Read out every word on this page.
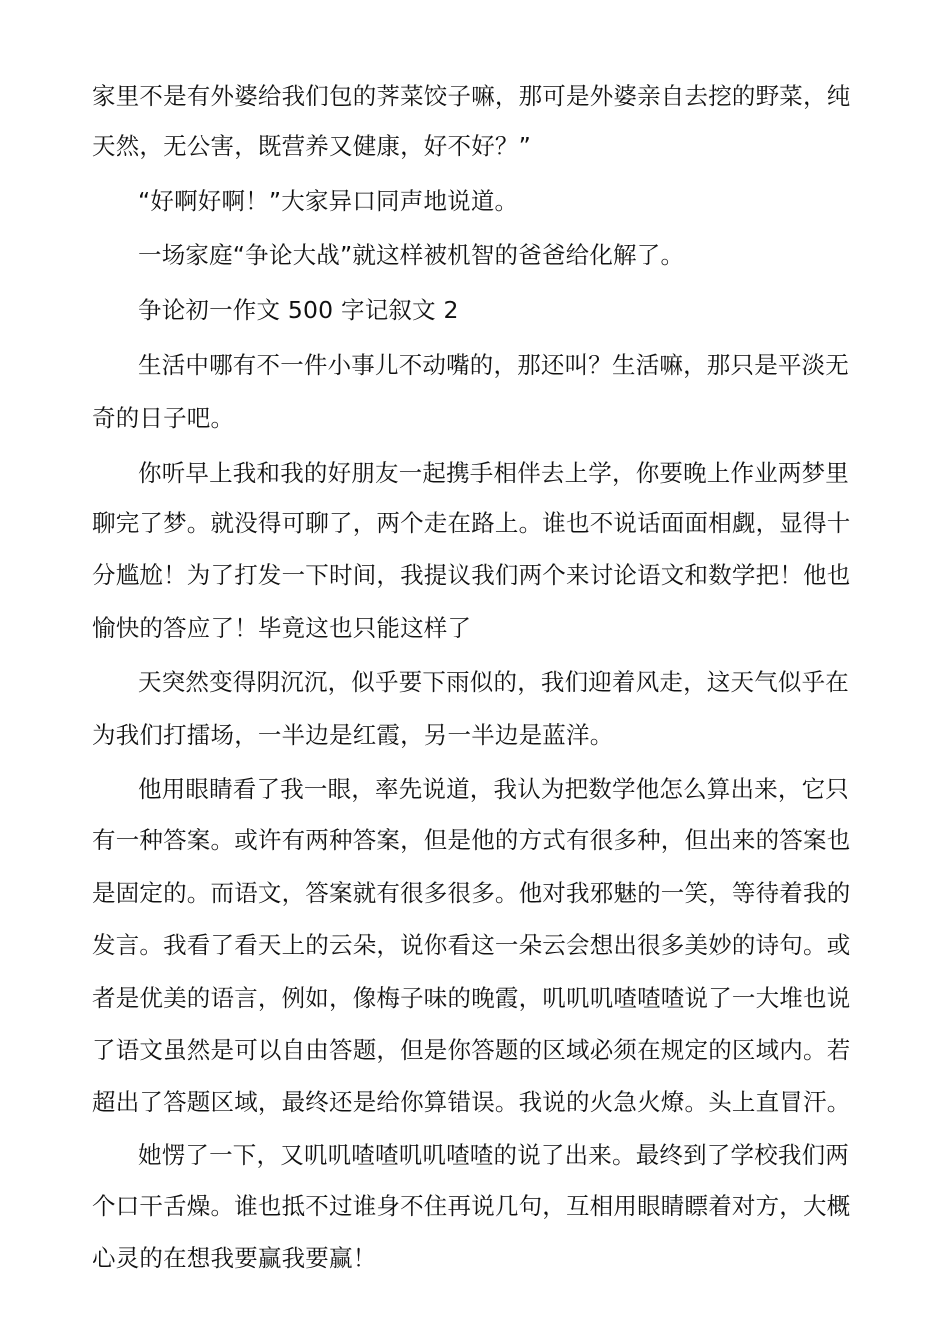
家里不是有外婆给我们包的荠菜饺子嘛，那可是外婆亲自去挖的野菜，纯

天然，无公害，既营养又健康，好不好？”

“好啊好啊！”大家异口同声地说道。

一场家庭“争论大战”就这样被机智的爸爸给化解了。

争论初一作文 500 字记叙文 2

生活中哪有不一件小事儿不动嘴的，那还叫？生活嘛，那只是平淡无

奇的日子吧。

你听早上我和我的好朋友一起携手相伴去上学，你要晚上作业两梦里

聊完了梦。就没得可聊了，两个走在路上。谁也不说话面面相觑，显得十

分尴尬！为了打发一下时间，我提议我们两个来讨论语文和数学把！他也

愉快的答应了！毕竟这也只能这样了

天突然变得阴沉沉，似乎要下雨似的，我们迎着风走，这天气似乎在

为我们打擂场，一半边是红霞，另一半边是蓝洋。

他用眼睛看了我一眼，率先说道，我认为把数学他怎么算出来，它只

有一种答案。或许有两种答案，但是他的方式有很多种，但出来的答案也

是固定的。而语文，答案就有很多很多。他对我邪魅的一笑，等待着我的

发言。我看了看天上的云朵，说你看这一朵云会想出很多美妙的诗句。或

者是优美的语言，例如，像梅子味的晚霞，叽叽叽喳喳喳说了一大堆也说

了语文虽然是可以自由答题，但是你答题的区域必须在规定的区域内。若

超出了答题区域，最终还是给你算错误。我说的火急火燎。头上直冒汗。

她愣了一下，又叽叽喳喳叽叽喳喳的说了出来。最终到了学校我们两

个口干舌燥。谁也抵不过谁身不住再说几句，互相用眼睛瞟着对方，大概

心灵的在想我要赢我要赢！
